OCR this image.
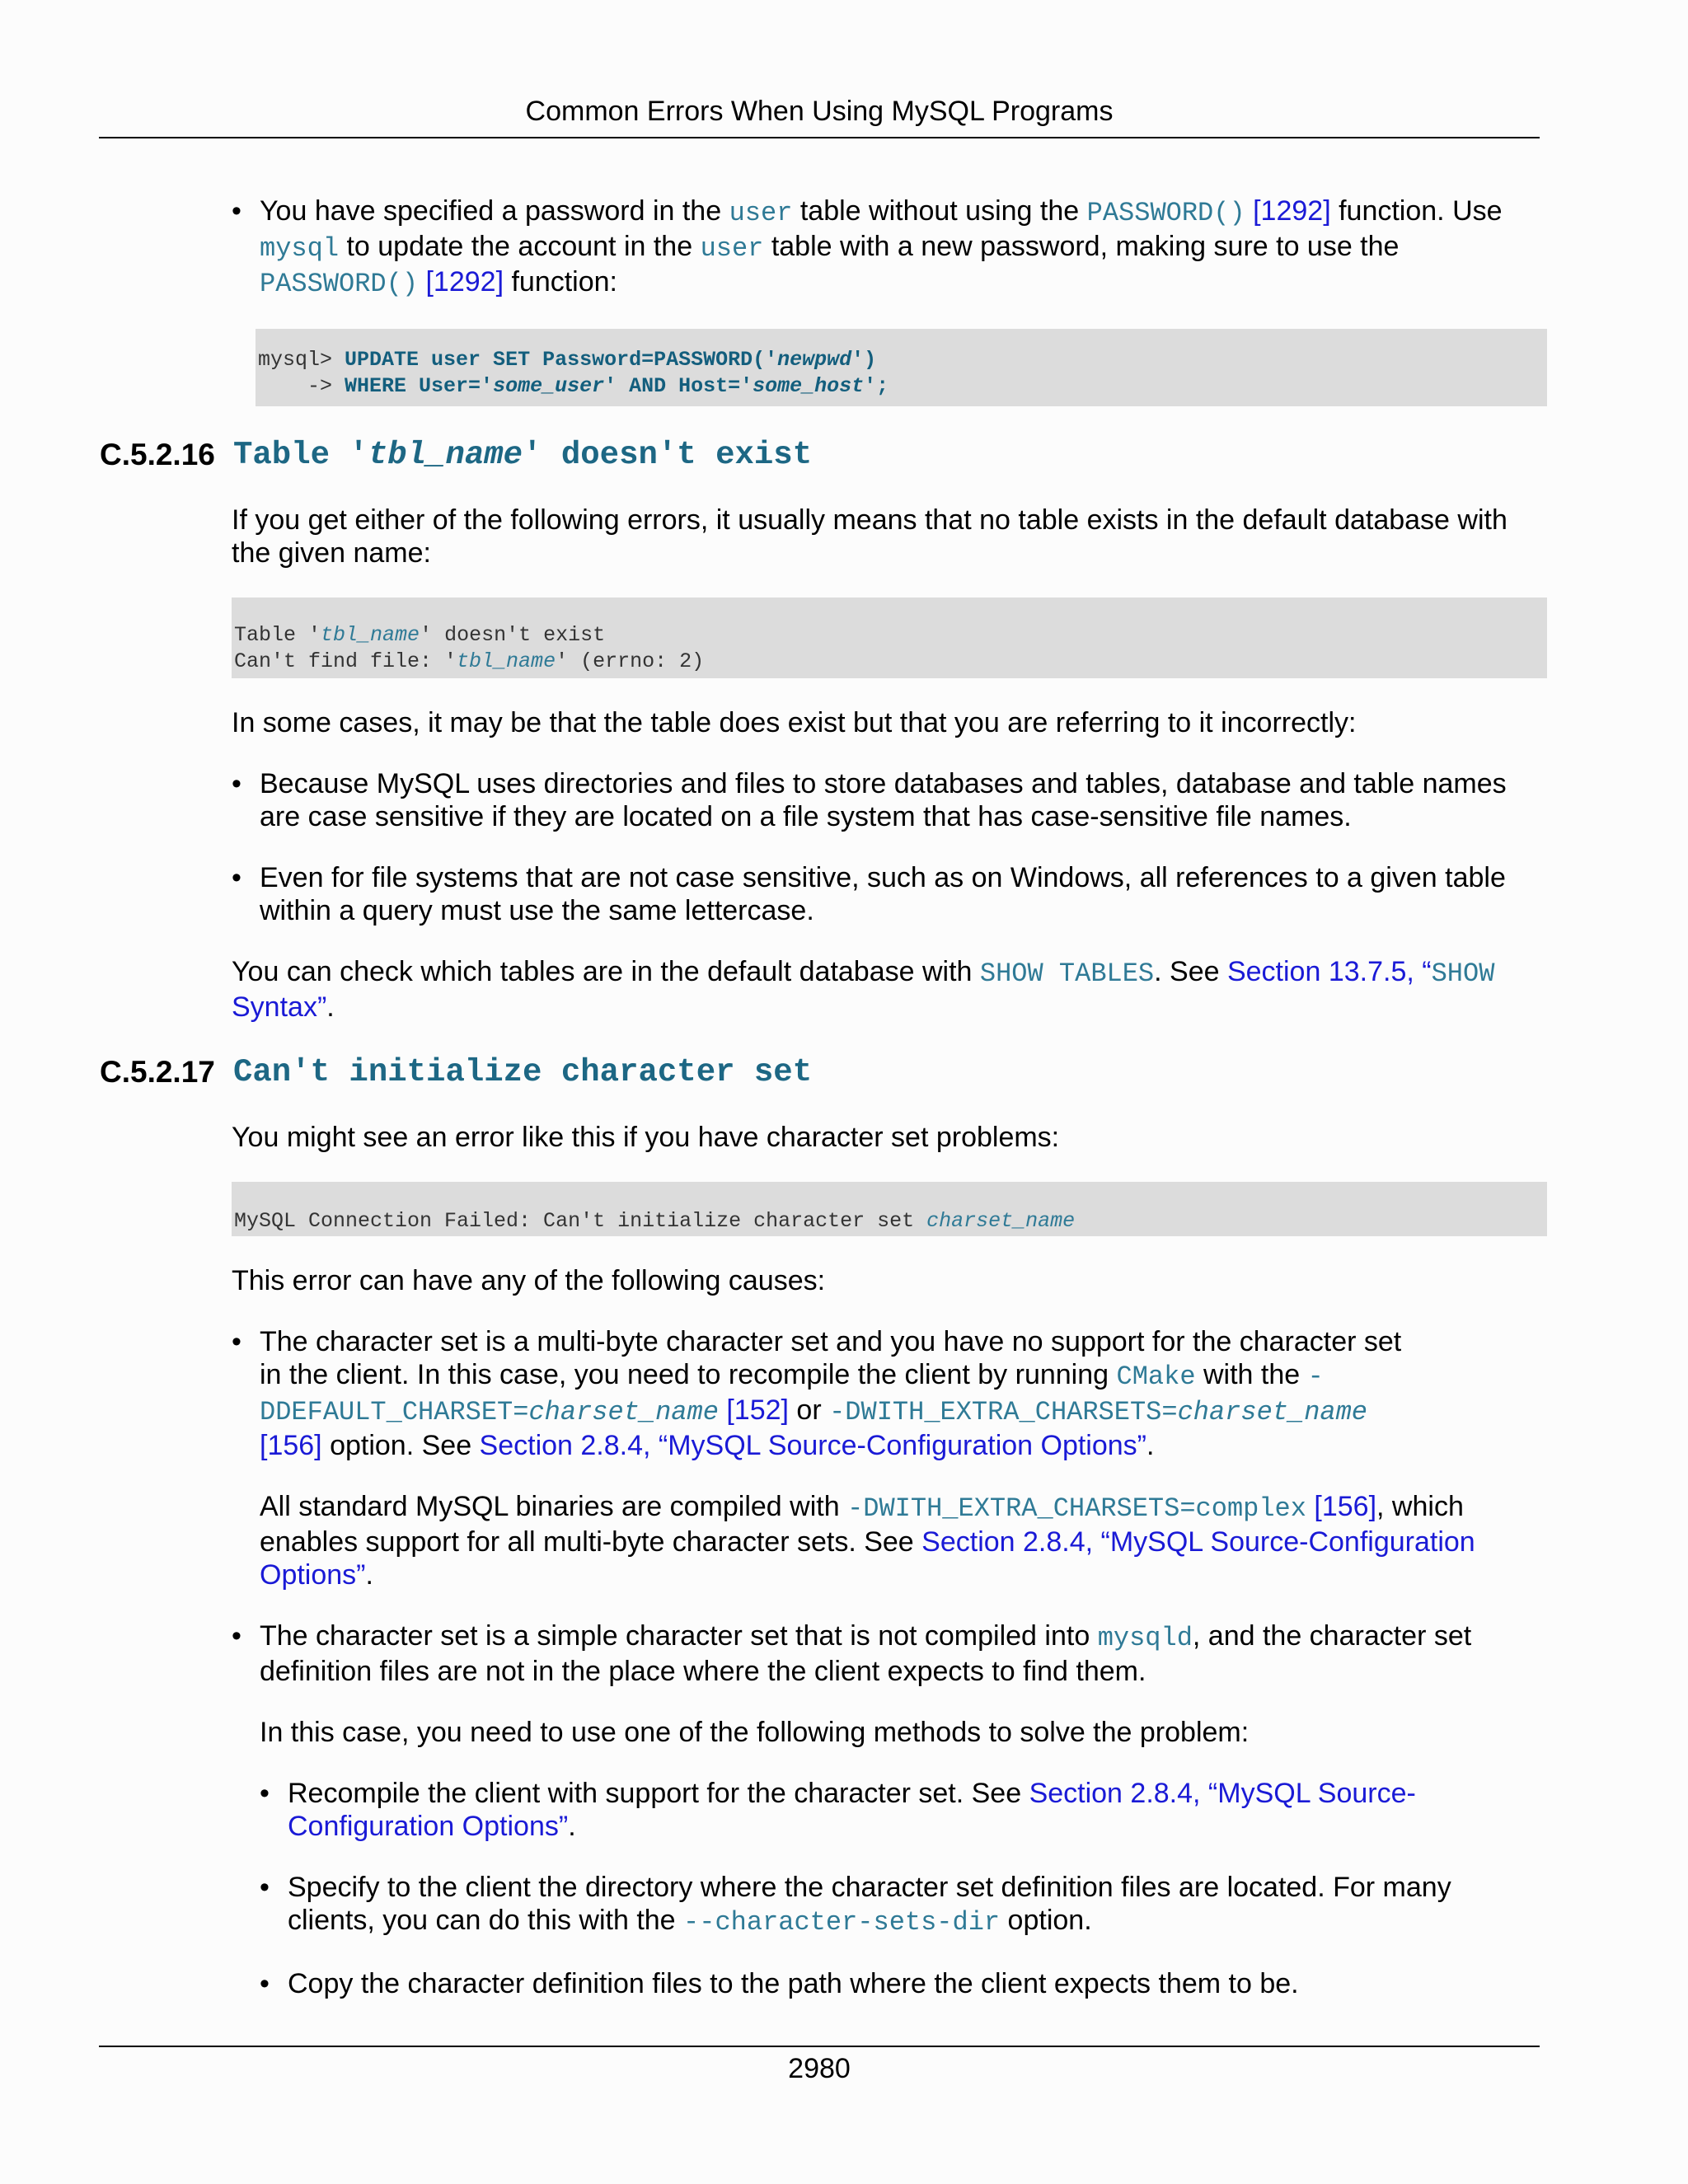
Common Errors When Using MySQL Programs
• You have specified a password in the user table without using the PASSWORD() [1292] function. Use mysql to update the account in the user table with a new password, making sure to use the PASSWORD() [1292] function:
mysql> UPDATE user SET Password=PASSWORD('newpwd')
-> WHERE User='some_user' AND Host='some_host';
C.5.2.16 Table 'tbl_name' doesn't exist

If you get either of the following errors, it usually means that no table exists in the default database with the given name:

Table 'tbl_name' doesn't exist
Can't find file: 'tbl_name' (errno: 2)

In some cases, it may be that the table does exist but that you are referring to it incorrectly:

• Because MySQL uses directories and files to store databases and tables, database and table names are case sensitive if they are located on a file system that has case-sensitive file names.
• Even for file systems that are not case sensitive, such as on Windows, all references to a given table within a query must use the same lettercase.

You can check which tables are in the default database with SHOW TABLES. See Section 13.7.5, “SHOW Syntax”.

C.5.2.17 Can't initialize character set

You might see an error like this if you have character set problems:

MySQL Connection Failed: Can't initialize character set charset_name

This error can have any of the following causes:

• The character set is a multi-byte character set and you have no support for the character set in the client. In this case, you need to recompile the client by running CMake with the -DDEFAULT_CHARSET=charset_name [152] or -DWITH_EXTRA_CHARSETS=charset_name [156] option. See Section 2.8.4, “MySQL Source-Configuration Options”.

All standard MySQL binaries are compiled with -DWITH_EXTRA_CHARSETS=complex [156], which enables support for all multi-byte character sets. See Section 2.8.4, “MySQL Source-Configuration Options”.

• The character set is a simple character set that is not compiled into mysqld, and the character set definition files are not in the place where the client expects to find them.

In this case, you need to use one of the following methods to solve the problem:

• Recompile the client with support for the character set. See Section 2.8.4, “MySQL Source-Configuration Options”.
• Specify to the client the directory where the character set definition files are located. For many clients, you can do this with the --character-sets-dir option.
• Copy the character definition files to the path where the client expects them to be.
2980
